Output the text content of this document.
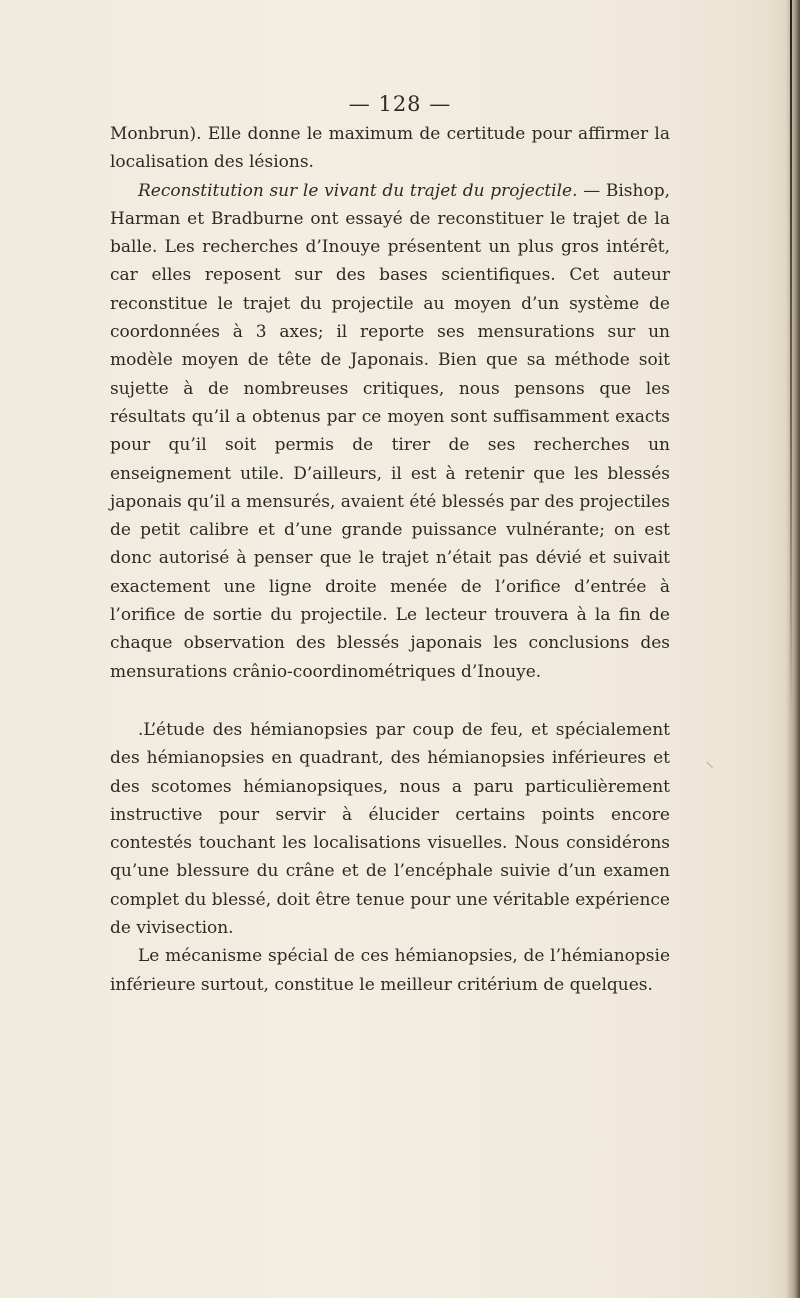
— 128 —

Monbrun). Elle donne le maximum de certitude pour affirmer la localisation des lésions.

Reconstitution sur le vivant du trajet du projectile. — Bishop, Harman et Bradburne ont essayé de reconstituer le trajet de la balle. Les recherches d’Inouye présentent un plus gros intérêt, car elles reposent sur des bases scientifiques. Cet auteur reconstitue le trajet du projectile au moyen d’un système de coordonnées à 3 axes; il reporte ses mensurations sur un modèle moyen de tête de Japonais. Bien que sa méthode soit sujette à de nombreuses critiques, nous pensons que les résultats qu’il a obtenus par ce moyen sont suffisamment exacts pour qu’il soit permis de tirer de ses recherches un enseignement utile. D’ailleurs, il est à retenir que les blessés japonais qu’il a mensurés, avaient été blessés par des projectiles de petit calibre et d’une grande puissance vulnérante; on est donc autorisé à penser que le trajet n’était pas dévié et suivait exactement une ligne droite menée de l’orifice d’entrée à l’orifice de sortie du projectile. Le lecteur trouvera à la fin de chaque observation des blessés japonais les conclusions des mensurations crânio-coordinométriques d’Inouye.

.L’étude des hémianopsies par coup de feu, et spécialement des hémianopsies en quadrant, des hémianopsies inférieures et des scotomes hémianopsiques, nous a paru particulièrement instructive pour servir à élucider certains points encore contestés touchant les localisations visuelles. Nous considérons qu’une blessure du crâne et de l’encéphale suivie d’un examen complet du blessé, doit être tenue pour une véritable expérience de vivisection.

Le mécanisme spécial de ces hémianopsies, de l’hémianopsie inférieure surtout, constitue le meilleur critérium de quelques.
